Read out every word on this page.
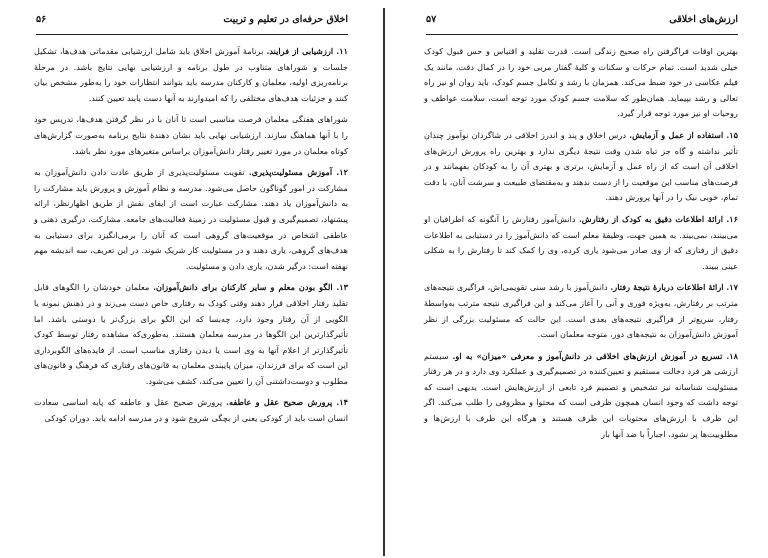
اخلاق حرفه‌ای در تعلیم و تربیت
۵۶

۱۱. ارزشیابی از فرایند. برنامهٔ آموزش اخلاق باید شامل ارزشیابی مقدماتی هدف‌ها، تشکیل جلسات و شوراهای متناوب در طول برنامه و ارزشیابی نهایی نتایج باشد. در مرحلهٔ برنامه‌ریزی اولیه، معلمان و کارکنان مدرسه باید بتوانند انتظارات خود را به‌طور مشخص بیان کنند و جزئیات هدف‌های مختلفی را که امیدوارند به آنها دست یابند تعیین کنند.

شوراهای هفتگی معلمان فرصت مناسبی است تا آنان با در نظر گرفتن هدف‌ها، تدریس خود را با آنها هماهنگ سازند. ارزشیابی نهایی باید نشان دهندهٔ نتایج برنامه به‌صورت گزارش‌های کوتاه معلمان در مورد تغییر رفتار دانش‌آموزان براساس متغیرهای مورد نظر باشد.

۱۲. آموزش مسئولیت‌پذیری. تقویت مسئولیت‌پذیری از طریق عادت دادن دانش‌آموزان به مشارکت در امور گوناگون حاصل می‌شود. مدرسه و نظام آموزش و پرورش باید مشارکت را به دانش‌آموزان یاد دهند. مشارکت عبارت است از ایفای نقش از طریق اظهارنظر، ارائه پیشنهاد، تصمیم‌گیری و قبول مسئولیت در زمینهٔ فعالیت‌های جامعه. مشارکت، درگیری ذهنی و عاطفی اشخاص در موقعیت‌های گروهی است که آنان را برمی‌انگیزد برای دستیابی به هدف‌های گروهی، یاری دهند و در مسئولیت کار شریک شوند. در این تعریف، سه اندیشه مهم نهفته است: درگیر شدن، یاری دادن و مسئولیت.

۱۳. الگو بودن معلم و سایر کارکنان برای دانش‌آموزان. معلمان خودشان را الگوهای قابل تقلید رفتار اخلاقی قرار دهند وقتی کودک به رفتاری خاص دست می‌زند و در ذهنش نمونه یا الگویی از آن رفتار وجود دارد، چه‌بسا که این الگو برای بزرگ‌تر یا دوستی باشد. اما تأثیرگذارترین این الگوها در مدرسه معلمان هستند. به‌طوری‌که مشاهده رفتار توسط کودک تأثیرگذارتر از اعلام آنها به وی است یا دیدن رفتاری مناسب است. از فایده‌های الگوبرداری این است که برای فرزندان، میزان پایبندی معلمان به قانون‌های رفتاری که فرهنگ و قانون‌های مطلوب و دوست‌داشتنی آن را تعیین می‌کند، کشف می‌شود.

۱۴. پرورش صحیح عقل و عاطفه. پرورش صحیح عقل و عاطفه که پایه اساسی سعادت انسان است باید از کودکی یعنی از بچگی شروع شود و در مدرسه ادامه یابد. دوران کودکی

ارزش‌های اخلاقی
۵۷

بهترین اوقات فراگرفتن راه صحیح زندگی است. قدرت تقلید و اقتباس و حس قبول کودک خیلی شدید است. تمام حرکات و سکنات و کلیهٔ گفتار مربی خود را در کمال دقت، مانند یک فیلم عکاسی در خود ضبط می‌کند. همزمان با رشد و تکامل جسم کودک، باید روان او نیز راه تعالی و رشد بپیماید. همان‌طور که سلامت جسم کودک مورد توجه است، سلامت عواطف و روحیات او نیز مورد توجه قرار گیرد.

۱۵. استفاده از عمل و آزمایش. درس اخلاق و پند و اندرز اخلاقی در شاگردان نوآموز چندان تأثیر نداشته و گاه جز تباه شدن وقت نتیجهٔ دیگری ندارد و بهترین راه پرورش ارزش‌های اخلاقی آن است که از راه عمل و آزمایش، برتری و بهتری آن را به کودکان بفهمانند و در فرصت‌های مناسب این موقعیت را از دست ندهند و به‌مقتضای طبیعت و سرشت آنان، با دقت تمام، خوبی نیک را در آنها پرورش دهند.

۱۶. ارائهٔ اطلاعات دقیق به کودک از رفتارش. دانش‌آموز رفتارش را آنگونه که اطرافیان او می‌بینند، نمی‌بیند. به همین جهت، وظیفهٔ معلم است که دانش‌آموز را در دستیابی به اطلاعات دقیق از رفتاری که از وی صادر می‌شود یاری کرده، وی را کمک کند تا رفتارش را به شکلی عینی ببیند.

۱۷. ارائهٔ اطلاعات دربارهٔ نتیجهٔ رفتار. دانش‌آموز با رشد سنی تقویمی‌اش، فراگیری نتیجه‌های مترتب بر رفتارش، به‌ویژه فوری و آنی را آغاز می‌کند و این فراگیری نتیجه مترتب به‌واسطهٔ رفتار، سریع‌تر از فراگیری نتیجه‌های بعدی است. این حالت که مسئولیت بزرگی از نظر آموزش دانش‌آموزان به نتیجه‌های دور، متوجه معلمان است.

۱۸. تسریع در آموزش ارزش‌های اخلاقی در دانش‌آموز و معرفی «میزان» به او. سیستم ارزشی هر فرد دخالت مستقیم و تعیین‌کننده در تصمیم‌گیری و عملکرد وی دارد و در هر رفتار مسئولیت شناسانه نیز تشخیص و تصمیم فرد تابعی از ارزش‌هایش است. بدیهی است که توجه داشت که وجود انسان همچون ظرفی است که محتوا و مظروفی را طلب می‌کند. اگر این ظرف با ارزش‌های محتویات این ظرف هستند و هرگاه این ظرف با ارزش‌ها و مطلوبیت‌ها پر نشود، اجباراً با ضد آنها بار
